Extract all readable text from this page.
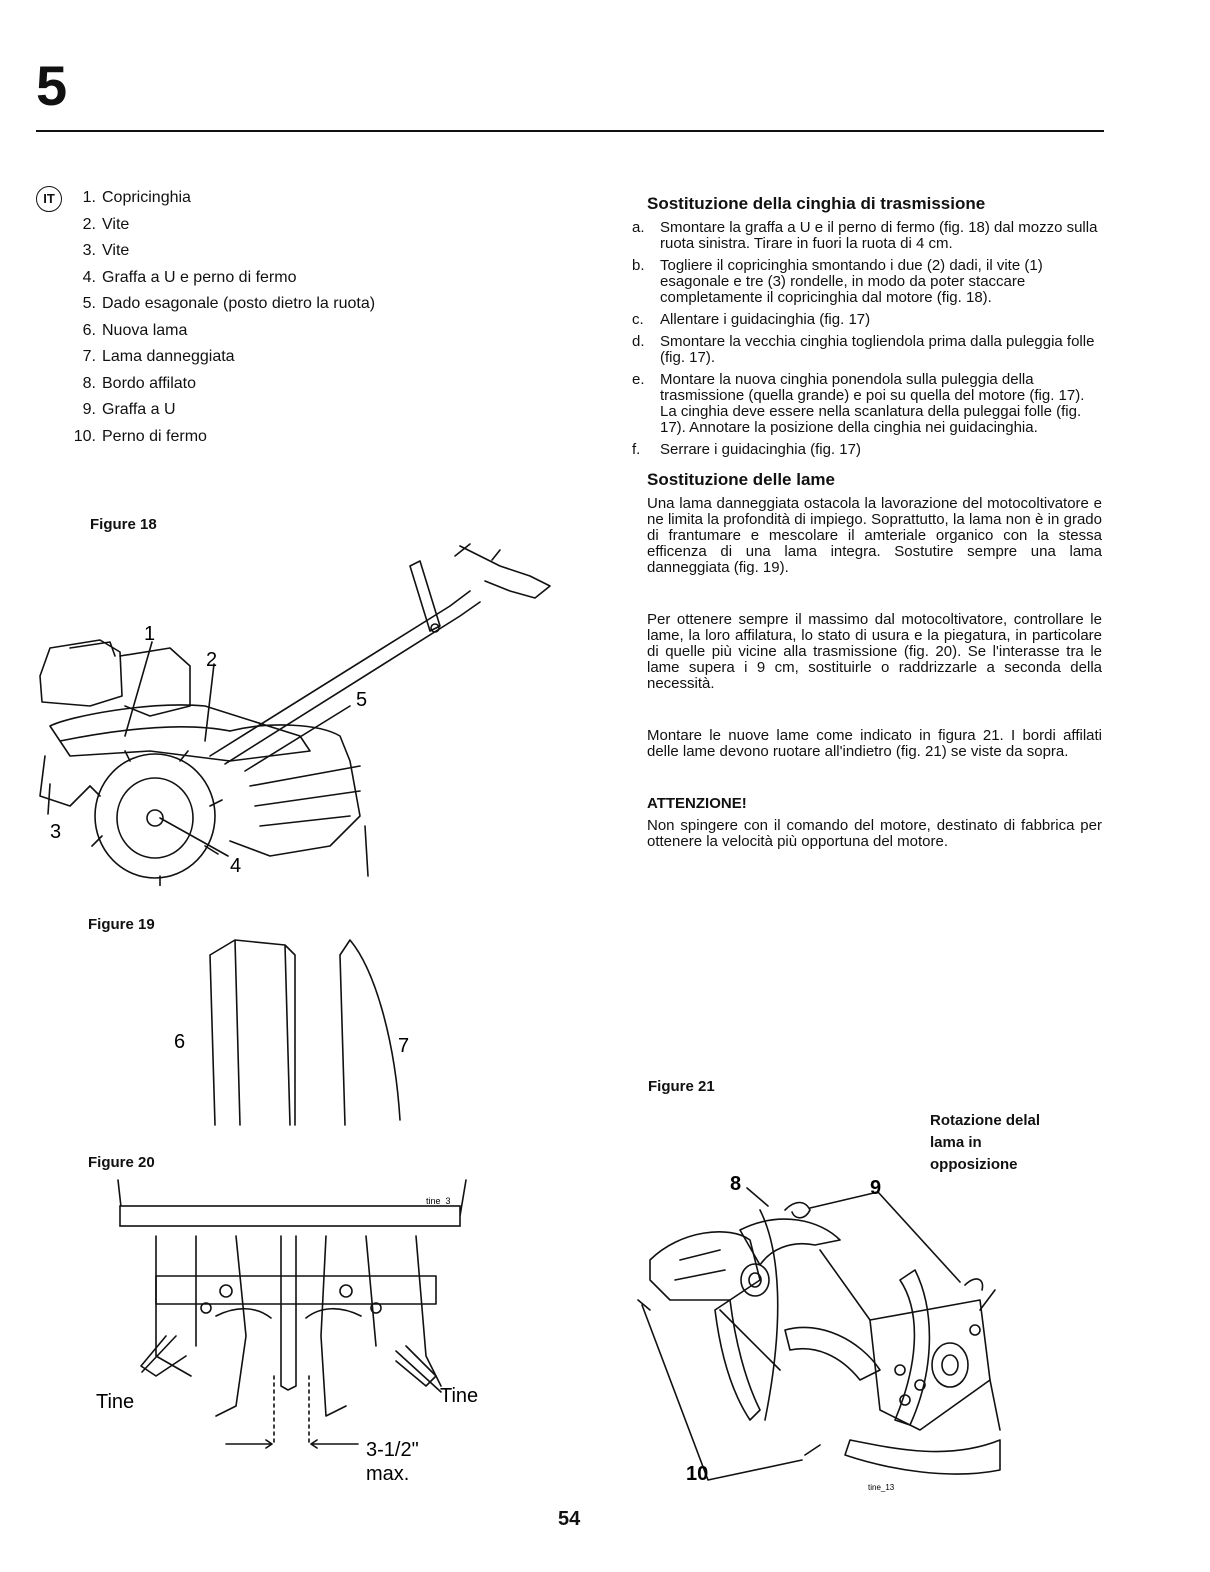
5
IT	1. Copricinghia
2. Vite
3. Vite
4. Graffa a U e perno di fermo
5. Dado esagonale (posto dietro la ruota)
6. Nuova lama
7. Lama danneggiata
8. Bordo affilato
9. Graffa a U
10. Perno di fermo
Figure 18
Figure 19
Figure 20
Figure 21
1
2
3
4
5
6	7
tine_3
Tine	Tine
3-1/2"
max.
Sostituzione della cinghia di trasmissione
a.	Smontare la graffa a U e il perno di fermo (fig. 18) dal mozzo sulla ruota sinistra. Tirare in fuori la ruota di 4 cm.
b.	Togliere il copricinghia smontando i due (2) dadi, il vite (1) esagonale e tre (3) rondelle, in modo da poter staccare completamente il copricinghia dal motore (fig. 18).
c.	Allentare i guidacinghia (fig. 17)
d.	Smontare la vecchia cinghia togliendola prima dalla puleggia folle (fig. 17).
e.	Montare la nuova cinghia ponendola sulla puleggia della trasmissione (quella grande) e poi su quella del motore (fig. 17). La cinghia deve essere nella scanlatura della puleggai folle (fig. 17). Annotare la posizione della cinghia nei guidacinghia.
f.	Serrare i guidacinghia (fig. 17)
Sostituzione delle lame

Una lama danneggiata ostacola la lavorazione del motocoltivatore e ne limita la profondità di impiego. Soprattutto, la lama non è in grado di frantumare e mescolare il amteriale organico con la stessa efficenza di una lama integra. Sostutire sempre una lama danneggiata (fig. 19).

Per ottenere sempre il massimo dal motocoltivatore, controllare le lame, la loro affilatura, lo stato di usura e la piegatura, in particolare di quelle più vicine alla trasmissione (fig. 20). Se l'interasse tra le lame supera i 9 cm, sostituirle o raddrizzarle a seconda della necessità.

Montare le nuove lame come indicato in figura 21. I bordi affilati delle lame devono ruotare all'indietro (fig. 21) se viste da sopra.

ATTENZIONE!

Non spingere con il comando del motore, destinato di fabbrica per ottenere la velocità più opportuna del motore.

Rotazione delal lama in opposizione
8	9
10
tine_13
54
